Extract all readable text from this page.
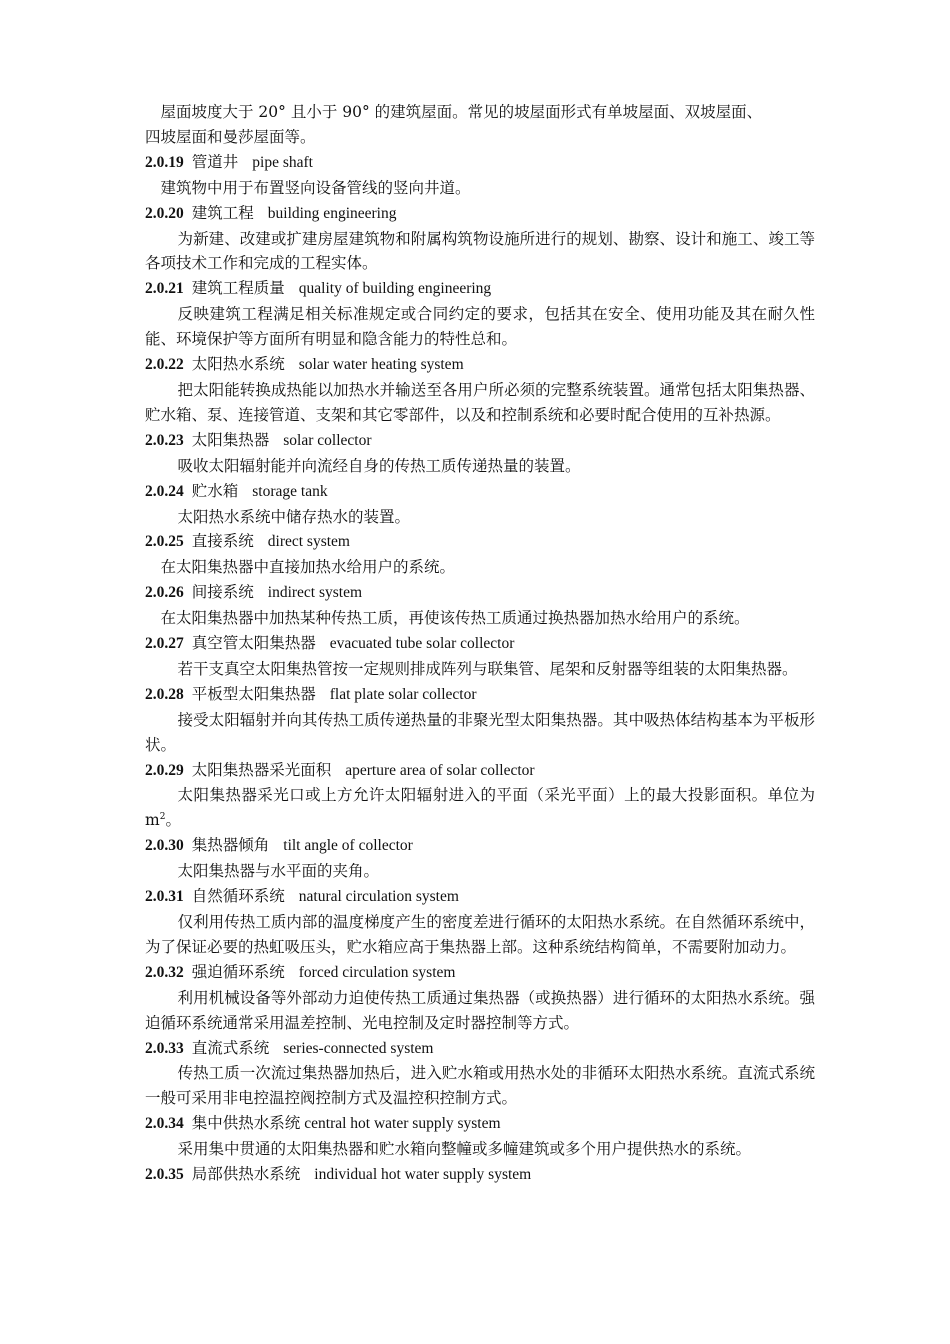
屋面坡度大于 20° 且小于 90° 的建筑屋面。常见的坡屋面形式有单坡屋面、双坡屋面、

四坡屋面和曼莎屋面等。

2.0.19 管道井 pipe shaft

建筑物中用于布置竖向设备管线的竖向井道。

2.0.20 建筑工程 building engineering

为新建、改建或扩建房屋建筑物和附属构筑物设施所进行的规划、勘察、设计和施工、竣工等各项技术工作和完成的工程实体。

2.0.21 建筑工程质量 quality of building engineering

反映建筑工程满足相关标准规定或合同约定的要求，包括其在安全、使用功能及其在耐久性能、环境保护等方面所有明显和隐含能力的特性总和。

2.0.22 太阳热水系统 solar water heating system

把太阳能转换成热能以加热水并输送至各用户所必须的完整系统装置。通常包括太阳集热器、贮水箱、泵、连接管道、支架和其它零部件，以及和控制系统和必要时配合使用的互补热源。

2.0.23 太阳集热器 solar collector

吸收太阳辐射能并向流经自身的传热工质传递热量的装置。

2.0.24 贮水箱 storage tank

太阳热水系统中储存热水的装置。

2.0.25 直接系统 direct system

在太阳集热器中直接加热水给用户的系统。

2.0.26 间接系统 indirect system

在太阳集热器中加热某种传热工质，再使该传热工质通过换热器加热水给用户的系统。

2.0.27 真空管太阳集热器 evacuated tube solar collector

若干支真空太阳集热管按一定规则排成阵列与联集管、尾架和反射器等组装的太阳集热器。

2.0.28 平板型太阳集热器 flat plate solar collector

接受太阳辐射并向其传热工质传递热量的非聚光型太阳集热器。其中吸热体结构基本为平板形状。

2.0.29 太阳集热器采光面积 aperture area of solar collector

太阳集热器采光口或上方允许太阳辐射进入的平面（采光平面）上的最大投影面积。单位为$m^2$。

2.0.30 集热器倾角 tilt angle of collector

太阳集热器与水平面的夹角。

2.0.31 自然循环系统 natural circulation system

仅利用传热工质内部的温度梯度产生的密度差进行循环的太阳热水系统。在自然循环系统中，为了保证必要的热虹吸压头，贮水箱应高于集热器上部。这种系统结构简单，不需要附加动力。

2.0.32 强迫循环系统 forced circulation system

利用机械设备等外部动力迫使传热工质通过集热器（或换热器）进行循环的太阳热水系统。强迫循环系统通常采用温差控制、光电控制及定时器控制等方式。

2.0.33 直流式系统 series-connected system

传热工质一次流过集热器加热后，进入贮水箱或用热水处的非循环太阳热水系统。直流式系统一般可采用非电控温控阀控制方式及温控积控制方式。

2.0.34 集中供热水系统 central hot water supply system

采用集中贯通的太阳集热器和贮水箱向整幢或多幢建筑或多个用户提供热水的系统。

2.0.35 局部供热水系统 individual hot water supply system
